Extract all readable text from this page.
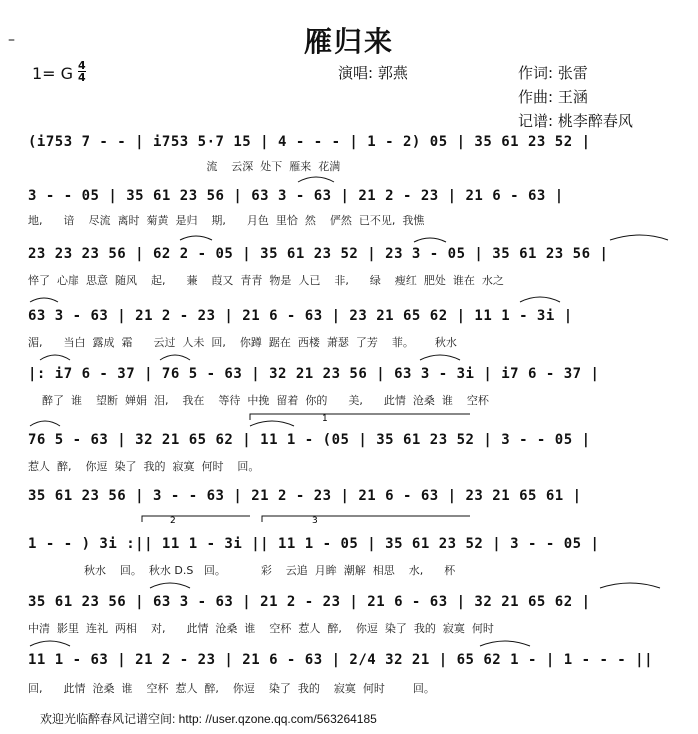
–	雁归来
1= G 4
4	演唱: 郭燕	作词: 张雷
作曲: 王涵
记谱: 桃李醉春风
(i753 7 - - | i753 5·7 15 | 4 - - - | 1 - 2) 05 | 35 61 23 52 |
流    云深  处下  雁来  花满
3 - - 05 | 35 61 23 56 | 63 3 - 63 | 21 2 - 23 | 21 6 - 63 |
地,      谙    尽流  离时  菊黄  是归    期,      月色  里恰  然    俨然  已不见,  我憔
23 23 23 56 | 62 2 - 05 | 35 61 23 52 | 23 3 - 05 | 35 61 23 56 |
悴了  心扉  思意  随风    起,      蒹    葭又  青青  物是  人已    非,      绿    瘦红  肥处  谁在  水之
63 3 - 63 | 21 2 - 23 | 21 6 - 63 | 23 21 65 62 | 11 1 - 3i |
湄,      当白  露成  霜      云过  人未  回,    你蹲  踞在  西楼  萧瑟  了芳    菲。      秋水
|: i7 6 - 37 | 76 5 - 63 | 32 21 23 56 | 63 3 - 3i | i7 6 - 37 |
醉了  谁    望断  婵娟  泪,    我在    等待  中挽  留着  你的      美,      此情  沧桑  谁    空杯
76 5 - 63 | 32 21 65 62 | 11 1 - (05 | 35 61 23 52 | 3 - - 05 |
惹人  醉,    你逗  染了  我的  寂寞  何时    回。
35 61 23 56 | 3 - - 63 | 21 2 - 23 | 21 6 - 63 | 23 21 65 61 |
1 - - ) 3i :|| 11 1 - 3i || 11 1 - 05 | 35 61 23 52 | 3 - - 05 |
秋水    回。  秋水 D.S   回。          彩    云追  月眸  潮解  相思    水,      杯
35 61 23 56 | 63 3 - 63 | 21 2 - 23 | 21 6 - 63 | 32 21 65 62 |
中清  影里  连礼  两相    对,      此情  沧桑  谁    空杯  惹人  醉,    你逗  染了  我的  寂寞  何时
11 1 - 63 | 21 2 - 23 | 21 6 - 63 | 2/4 32 21 | 65 62 1 - | 1 - - - ||
回,      此情  沧桑  谁    空杯  惹人  醉,    你逗    染了  我的    寂寞  何时        回。
1
2	3
欢迎光临醉春风记谱空间: http: //user.qzone.qq.com/563264185
